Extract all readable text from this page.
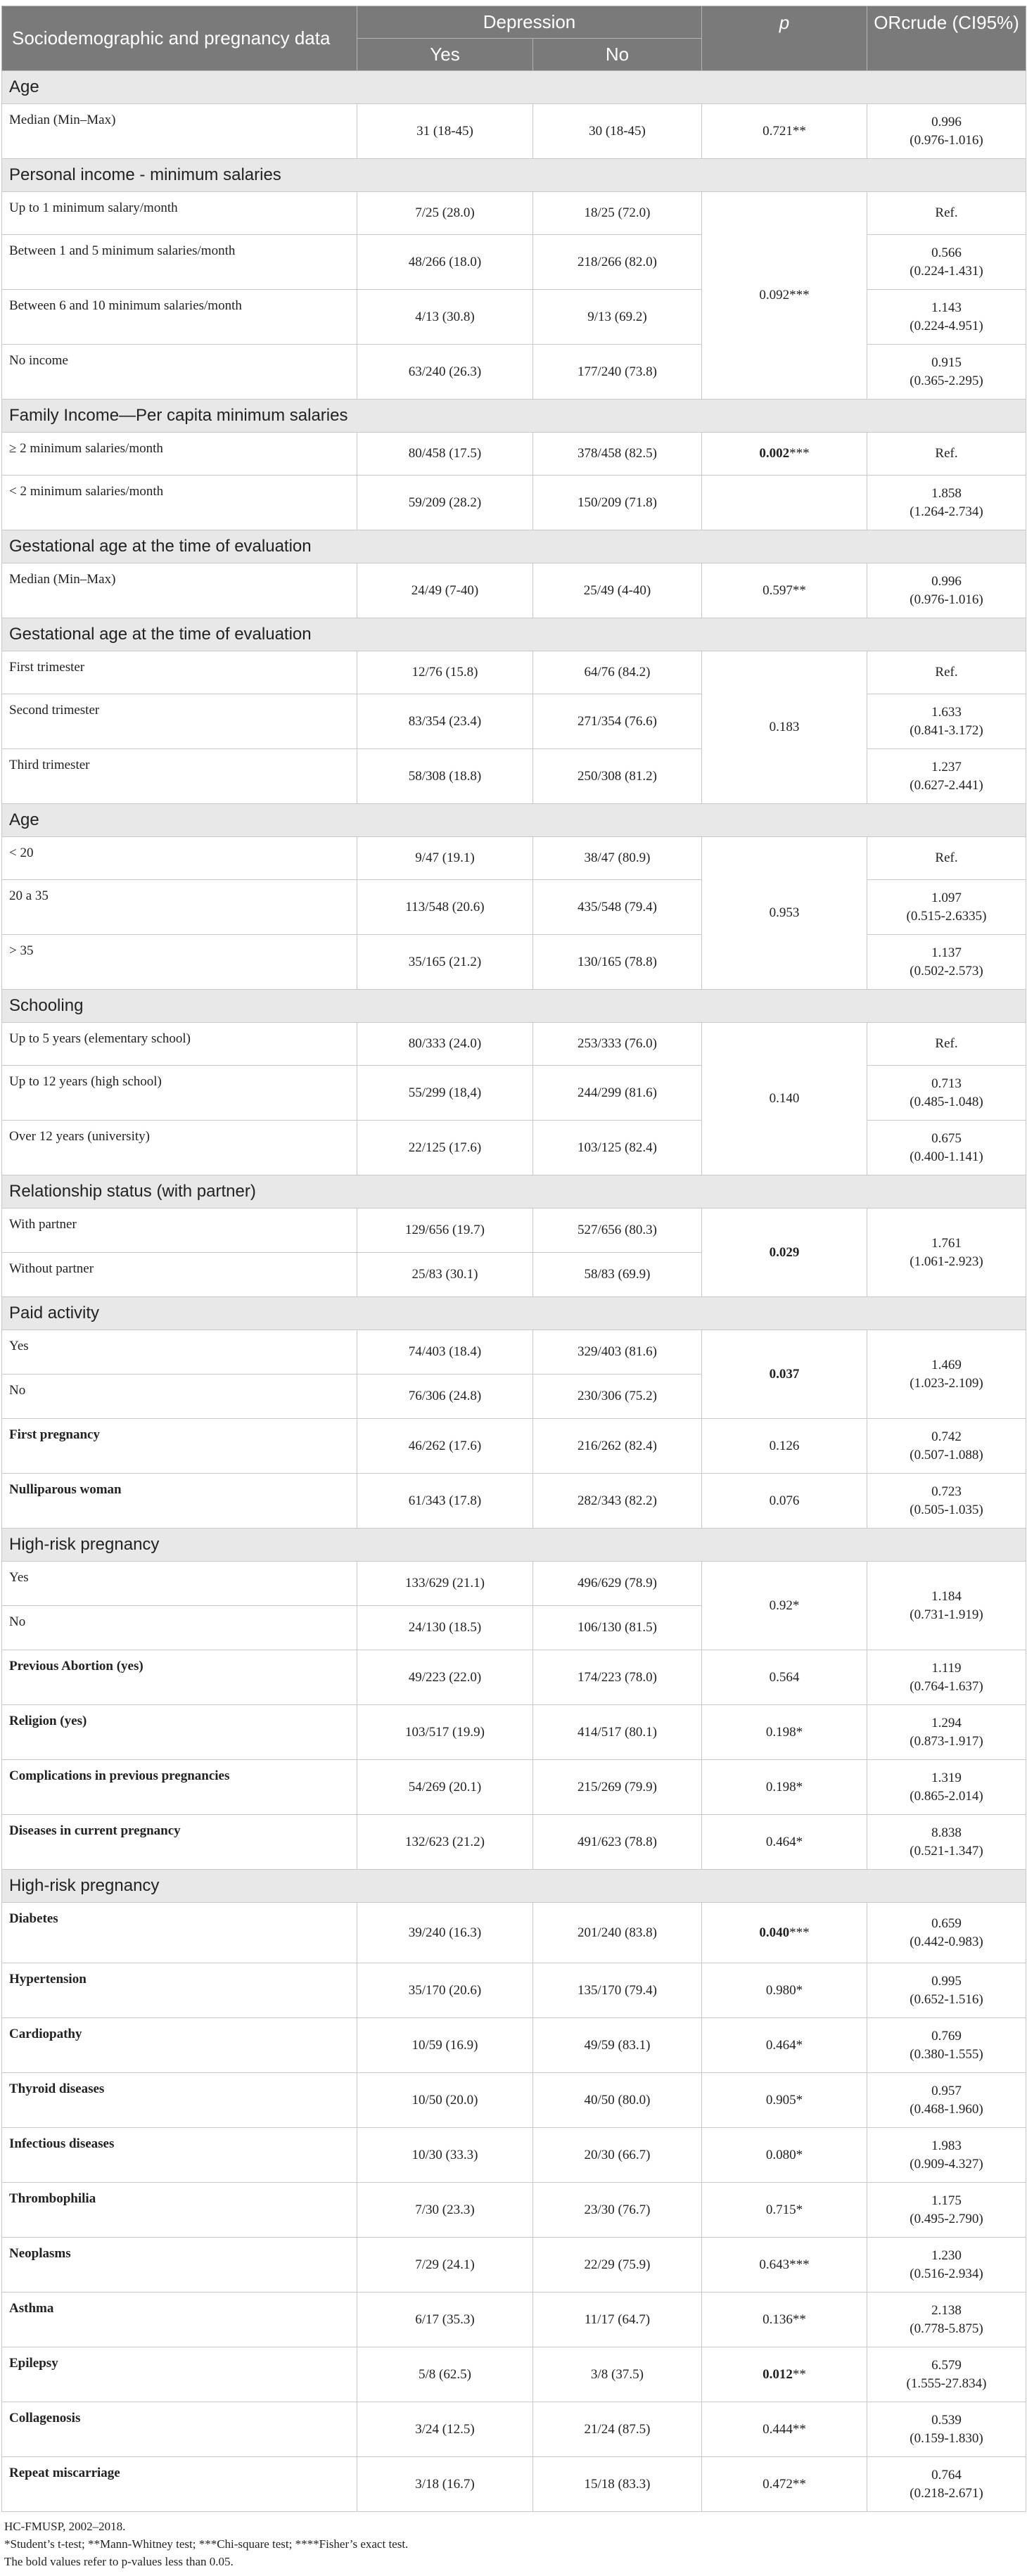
Sociodemographic and pregnancy data	Depression		p	ORcrude (CI95%)
	Yes	No		
Age				
Median (Min–Max)	31 (18-45)	30 (18-45)	0.721**	0.996
(0.976-1.016)

Personal income - minimum salaries				
Up to 1 minimum salary/month	7/25 (28.0)	18/25 (72.0)	0.092***	Ref.

Between 1 and 5 minimum salaries/month	48/266 (18.0)	218/266 (82.0)		0.566
(0.224-1.431)

Between 6 and 10 minimum salaries/month	4/13 (30.8)	9/13 (69.2)		1.143
(0.224-4.951)

No income	63/240 (26.3)	177/240 (73.8)		0.915
(0.365-2.295)

Family Income—Per capita minimum salaries				
≥ 2 minimum salaries/month	80/458 (17.5)	378/458 (82.5)	0.002***	Ref.

< 2 minimum salaries/month	59/209 (28.2)	150/209 (71.8)		1.858
(1.264-2.734)

Gestational age at the time of evaluation				
Median (Min–Max)	24/49 (7-40)	25/49 (4-40)	0.597**	0.996
(0.976-1.016)

Gestational age at the time of evaluation				
First trimester	12/76 (15.8)	64/76 (84.2)	0.183	Ref.

Second trimester	83/354 (23.4)	271/354 (76.6)		1.633
(0.841-3.172)

Third trimester	58/308 (18.8)	250/308 (81.2)		1.237
(0.627-2.441)

Age				
< 20	9/47 (19.1)	38/47 (80.9)	0.953	Ref.

20 a 35	113/548 (20.6)	435/548 (79.4)		1.097
(0.515-2.6335)

> 35	35/165 (21.2)	130/165 (78.8)		1.137
(0.502-2.573)

Schooling				
Up to 5 years (elementary school)	80/333 (24.0)	253/333 (76.0)	0.140	Ref.

Up to 12 years (high school)	55/299 (18,4)	244/299 (81.6)		0.713
(0.485-1.048)

Over 12 years (university)	22/125 (17.6)	103/125 (82.4)		0.675
(0.400-1.141)

Relationship status (with partner)				
With partner	129/656 (19.7)	527/656 (80.3)	0.029	1.761
(1.061-2.923)

Without partner	25/83 (30.1)	58/83 (69.9)		
Paid activity				
Yes	74/403 (18.4)	329/403 (81.6)	0.037	1.469
(1.023-2.109)

No	76/306 (24.8)	230/306 (75.2)		
First pregnancy	46/262 (17.6)	216/262 (82.4)	0.126	0.742
(0.507-1.088)

Nulliparous woman	61/343 (17.8)	282/343 (82.2)	0.076	0.723
(0.505-1.035)

High-risk pregnancy				
Yes	133/629 (21.1)	496/629 (78.9)	0.92*	1.184
(0.731-1.919)

No	24/130 (18.5)	106/130 (81.5)		
Previous Abortion (yes)	49/223 (22.0)	174/223 (78.0)	0.564	1.119
(0.764-1.637)

Religion (yes)	103/517 (19.9)	414/517 (80.1)	0.198*	1.294
(0.873-1.917)

Complications in previous pregnancies	54/269 (20.1)	215/269 (79.9)	0.198*	1.319
(0.865-2.014)

Diseases in current pregnancy	132/623 (21.2)	491/623 (78.8)	0.464*	8.838
(0.521-1.347)

High-risk pregnancy				
Diabetes	39/240 (16.3)	201/240 (83.8)	0.040***	0.659
(0.442-0.983)

Hypertension	35/170 (20.6)	135/170 (79.4)	0.980*	0.995
(0.652-1.516)

Cardiopathy	10/59 (16.9)	49/59 (83.1)	0.464*	0.769
(0.380-1.555)

Thyroid diseases	10/50 (20.0)	40/50 (80.0)	0.905*	0.957
(0.468-1.960)

Infectious diseases	10/30 (33.3)	20/30 (66.7)	0.080*	1.983
(0.909-4.327)

Thrombophilia	7/30 (23.3)	23/30 (76.7)	0.715*	1.175
(0.495-2.790)

Neoplasms	7/29 (24.1)	22/29 (75.9)	0.643***	1.230
(0.516-2.934)

Asthma	6/17 (35.3)	11/17 (64.7)	0.136**	2.138
(0.778-5.875)

Epilepsy	5/8 (62.5)	3/8 (37.5)	0.012**	6.579
(1.555-27.834)

Collagenosis	3/24 (12.5)	21/24 (87.5)	0.444**	0.539
(0.159-1.830)

Repeat miscarriage	3/18 (16.7)	15/18 (83.3)	0.472**	0.764
(0.218-2.671)
HC-FMUSP, 2002–2018.
*Student’s t-test; **Mann-Whitney test; ***Chi-square test; ****Fisher’s exact test.
The bold values refer to p-values less than 0.05.
